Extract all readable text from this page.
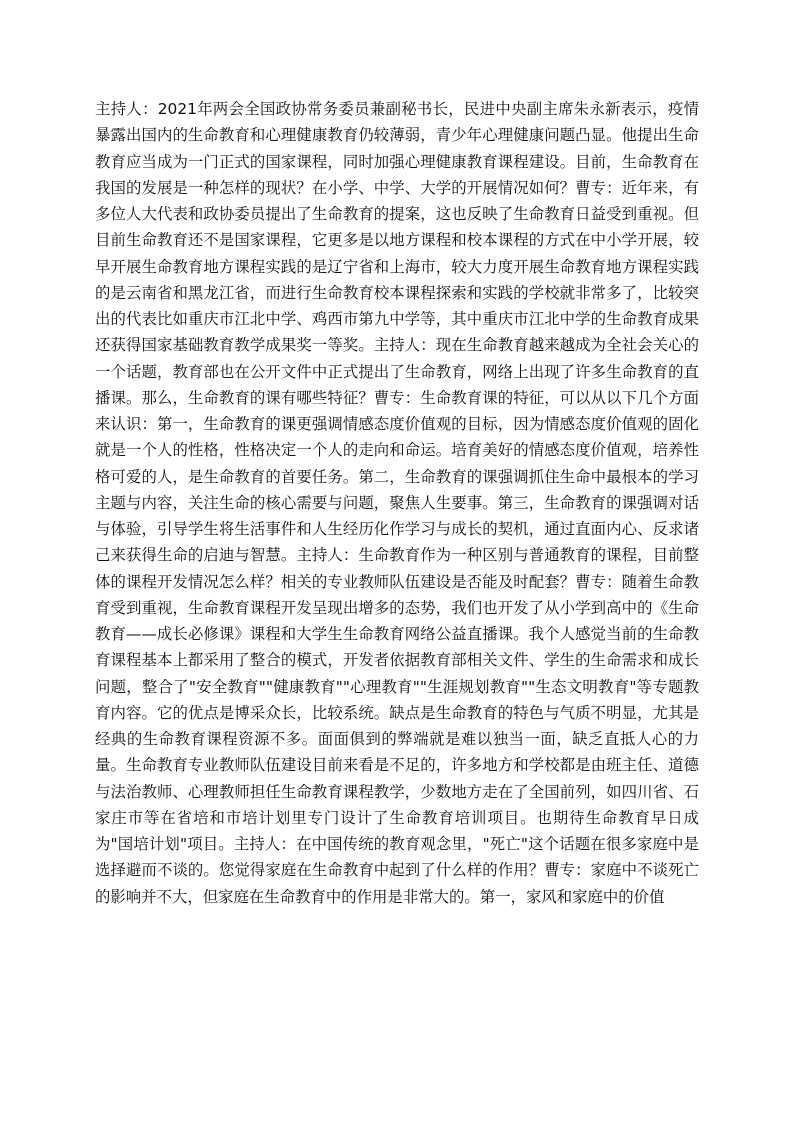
主持人：2021年两会全国政协常务委员兼副秘书长，民进中央副主席朱永新表示，疫情暴露出国内的生命教育和心理健康教育仍较薄弱，青少年心理健康问题凸显。他提出生命教育应当成为一门正式的国家课程，同时加强心理健康教育课程建设。目前，生命教育在我国的发展是一种怎样的现状？在小学、中学、大学的开展情况如何？曹专：近年来，有多位人大代表和政协委员提出了生命教育的提案，这也反映了生命教育日益受到重视。但目前生命教育还不是国家课程，它更多是以地方课程和校本课程的方式在中小学开展，较早开展生命教育地方课程实践的是辽宁省和上海市，较大力度开展生命教育地方课程实践的是云南省和黑龙江省，而进行生命教育校本课程探索和实践的学校就非常多了，比较突出的代表比如重庆市江北中学、鸡西市第九中学等，其中重庆市江北中学的生命教育成果还获得国家基础教育教学成果奖一等奖。主持人：现在生命教育越来越成为全社会关心的一个话题，教育部也在公开文件中正式提出了生命教育，网络上出现了许多生命教育的直播课。那么，生命教育的课有哪些特征？曹专：生命教育课的特征，可以从以下几个方面来认识：第一，生命教育的课更强调情感态度价值观的目标，因为情感态度价值观的固化就是一个人的性格，性格决定一个人的走向和命运。培育美好的情感态度价值观，培养性格可爱的人，是生命教育的首要任务。第二，生命教育的课强调抓住生命中最根本的学习主题与内容，关注生命的核心需要与问题，聚焦人生要事。第三，生命教育的课强调对话与体验，引导学生将生活事件和人生经历化作学习与成长的契机，通过直面内心、反求诸己来获得生命的启迪与智慧。主持人：生命教育作为一种区别与普通教育的课程，目前整体的课程开发情况怎么样？相关的专业教师队伍建设是否能及时配套？曹专：随着生命教育受到重视，生命教育课程开发呈现出增多的态势，我们也开发了从小学到高中的《生命教育——成长必修课》课程和大学生生命教育网络公益直播课。我个人感觉当前的生命教育课程基本上都采用了整合的模式，开发者依据教育部相关文件、学生的生命需求和成长问题，整合了"安全教育""健康教育""心理教育""生涯规划教育""生态文明教育"等专题教育内容。它的优点是博采众长，比较系统。缺点是生命教育的特色与气质不明显，尤其是经典的生命教育课程资源不多。面面俱到的弊端就是难以独当一面，缺乏直抵人心的力量。生命教育专业教师队伍建设目前来看是不足的，许多地方和学校都是由班主任、道德与法治教师、心理教师担任生命教育课程教学，少数地方走在了全国前列，如四川省、石家庄市等在省培和市培计划里专门设计了生命教育培训项目。也期待生命教育早日成为"国培计划"项目。主持人：在中国传统的教育观念里，"死亡"这个话题在很多家庭中是选择避而不谈的。您觉得家庭在生命教育中起到了什么样的作用？曹专：家庭中不谈死亡的影响并不大，但家庭在生命教育中的作用是非常大的。第一，家风和家庭中的价值
